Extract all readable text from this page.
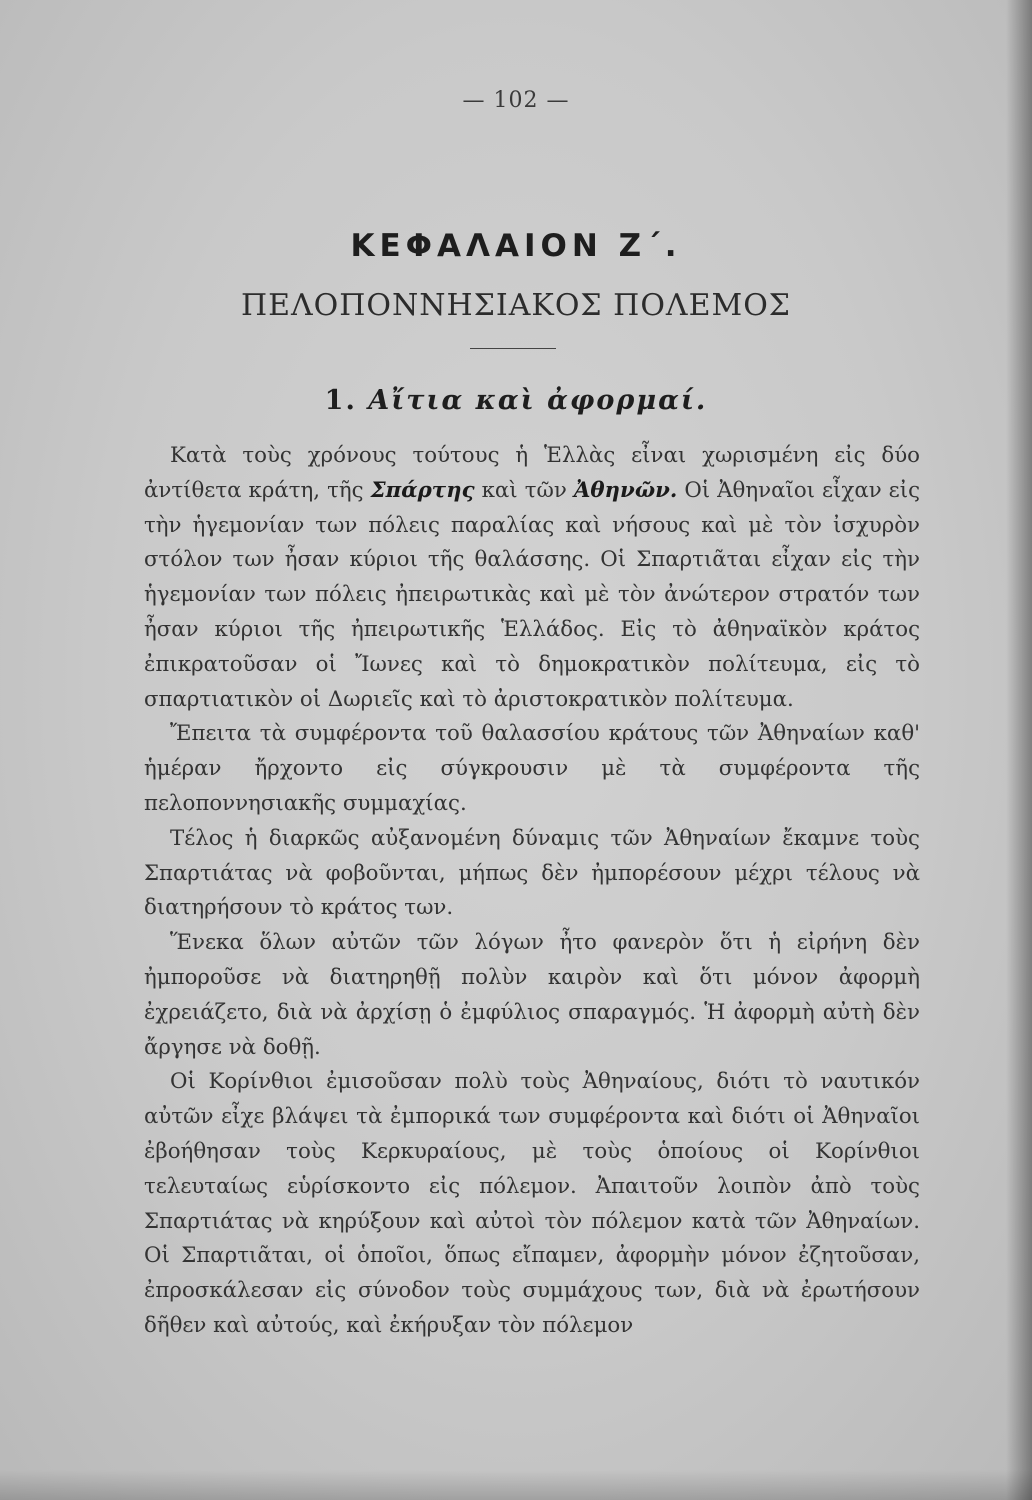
— 102 —
ΚΕΦΑΛΑΙΟΝ Ζ΄.
ΠΕΛΟΠΟΝΝΗΣΙΑΚΟΣ ΠΟΛΕΜΟΣ
1. Αἴτια καὶ ἀφορμαί.

Κατὰ τοὺς χρόνους τούτους ἡ Ἑλλὰς εἶναι χωρισμένη εἰς δύο ἀντίθετα κράτη, τῆς Σπάρτης καὶ τῶν Ἀθηνῶν. Οἱ Ἀθηναῖοι εἶχαν εἰς τὴν ἡγεμονίαν των πόλεις παραλίας καὶ νήσους καὶ μὲ τὸν ἰσχυρὸν στόλον των ἦσαν κύριοι τῆς θαλάσσης. Οἱ Σπαρτιᾶται εἶχαν εἰς τὴν ἡγεμονίαν των πόλεις ἠπειρωτικὰς καὶ μὲ τὸν ἀνώτερον στρατόν των ἦσαν κύριοι τῆς ἠπειρωτικῆς Ἑλλάδος. Εἰς τὸ ἀθηναϊκὸν κράτος ἐπικρατοῦσαν οἱ Ἴωνες καὶ τὸ δημοκρατικὸν πολίτευμα, εἰς τὸ σπαρτιατικὸν οἱ Δωριεῖς καὶ τὸ ἀριστοκρατικὸν πολίτευμα.

Ἔπειτα τὰ συμφέροντα τοῦ θαλασσίου κράτους τῶν Ἀθηναίων καθ' ἡμέραν ἤρχοντο εἰς σύγκρουσιν μὲ τὰ συμφέροντα τῆς πελοποννησιακῆς συμμαχίας.

Τέλος ἡ διαρκῶς αὐξανομένη δύναμις τῶν Ἀθηναίων ἔκαμνε τοὺς Σπαρτιάτας νὰ φοβοῦνται, μήπως δὲν ἠμπορέσουν μέχρι τέλους νὰ διατηρήσουν τὸ κράτος των.

Ἕνεκα ὅλων αὐτῶν τῶν λόγων ἦτο φανερὸν ὅτι ἡ εἰρήνη δὲν ἠμποροῦσε νὰ διατηρηθῇ πολὺν καιρὸν καὶ ὅτι μόνον ἀφορμὴ ἐχρειάζετο, διὰ νὰ ἀρχίσῃ ὁ ἐμφύλιος σπαραγμός. Ἡ ἀφορμὴ αὐτὴ δὲν ἄργησε νὰ δοθῇ.

Οἱ Κορίνθιοι ἐμισοῦσαν πολὺ τοὺς Ἀθηναίους, διότι τὸ ναυτικόν αὐτῶν εἶχε βλάψει τὰ ἐμπορικά των συμφέροντα καὶ διότι οἱ Ἀθηναῖοι ἐβοήθησαν τοὺς Κερκυραίους, μὲ τοὺς ὁποίους οἱ Κορίνθιοι τελευταίως εὑρίσκοντο εἰς πόλεμον. Ἀπαιτοῦν λοιπὸν ἀπὸ τοὺς Σπαρτιάτας νὰ κηρύξουν καὶ αὐτοὶ τὸν πόλεμον κατὰ τῶν Ἀθηναίων. Οἱ Σπαρτιᾶται, οἱ ὁποῖοι, ὅπως εἴπαμεν, ἀφορμὴν μόνον ἐζητοῦσαν, ἐπροσκάλεσαν εἰς σύνοδον τοὺς συμμάχους των, διὰ νὰ ἐρωτήσουν δῆθεν καὶ αὐτούς, καὶ ἐκήρυξαν τὸν πόλεμον
